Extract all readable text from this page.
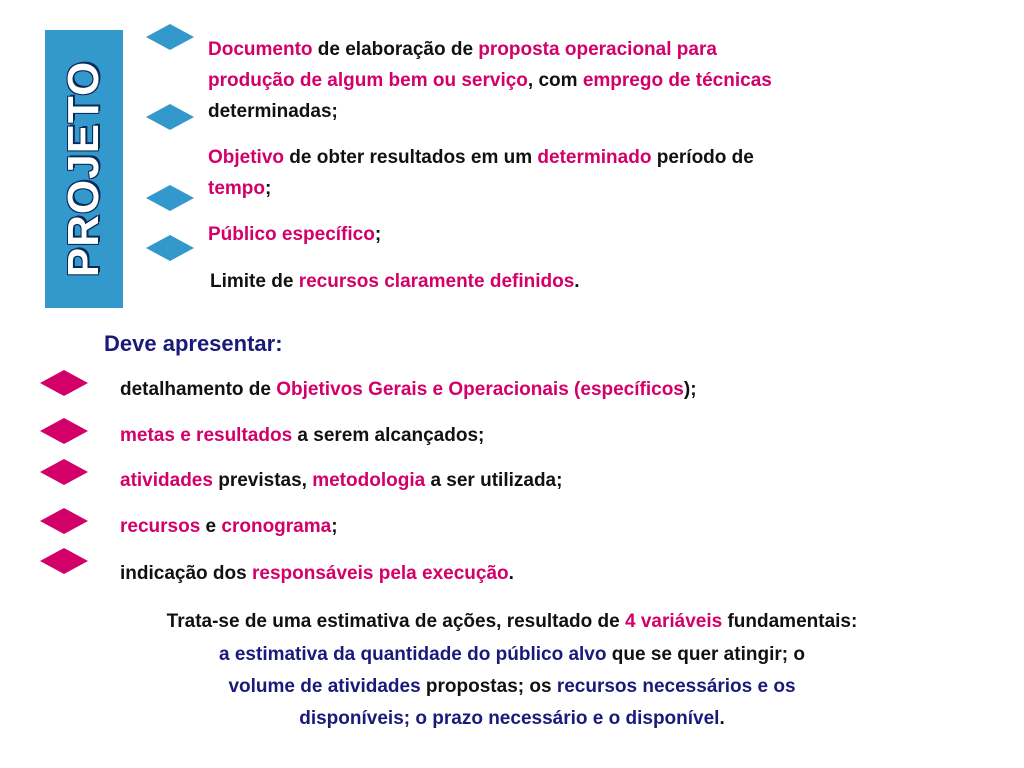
PROJETO
Documento de elaboração de proposta operacional para
produção de algum bem ou serviço, com emprego de técnicas
determinadas;
Objetivo de obter resultados em um determinado período de
tempo;
Público específico;
Limite de recursos claramente definidos.
Deve apresentar:
detalhamento de Objetivos Gerais e Operacionais (específicos);
metas e resultados a serem alcançados;
atividades previstas, metodologia a ser utilizada;
recursos e cronograma;
indicação dos responsáveis pela execução.
Trata-se de uma estimativa de ações, resultado de 4 variáveis fundamentais:
a estimativa da quantidade do público alvo que se quer atingir; o
volume de atividades propostas; os recursos necessários e os
disponíveis; o prazo necessário e o disponível.
